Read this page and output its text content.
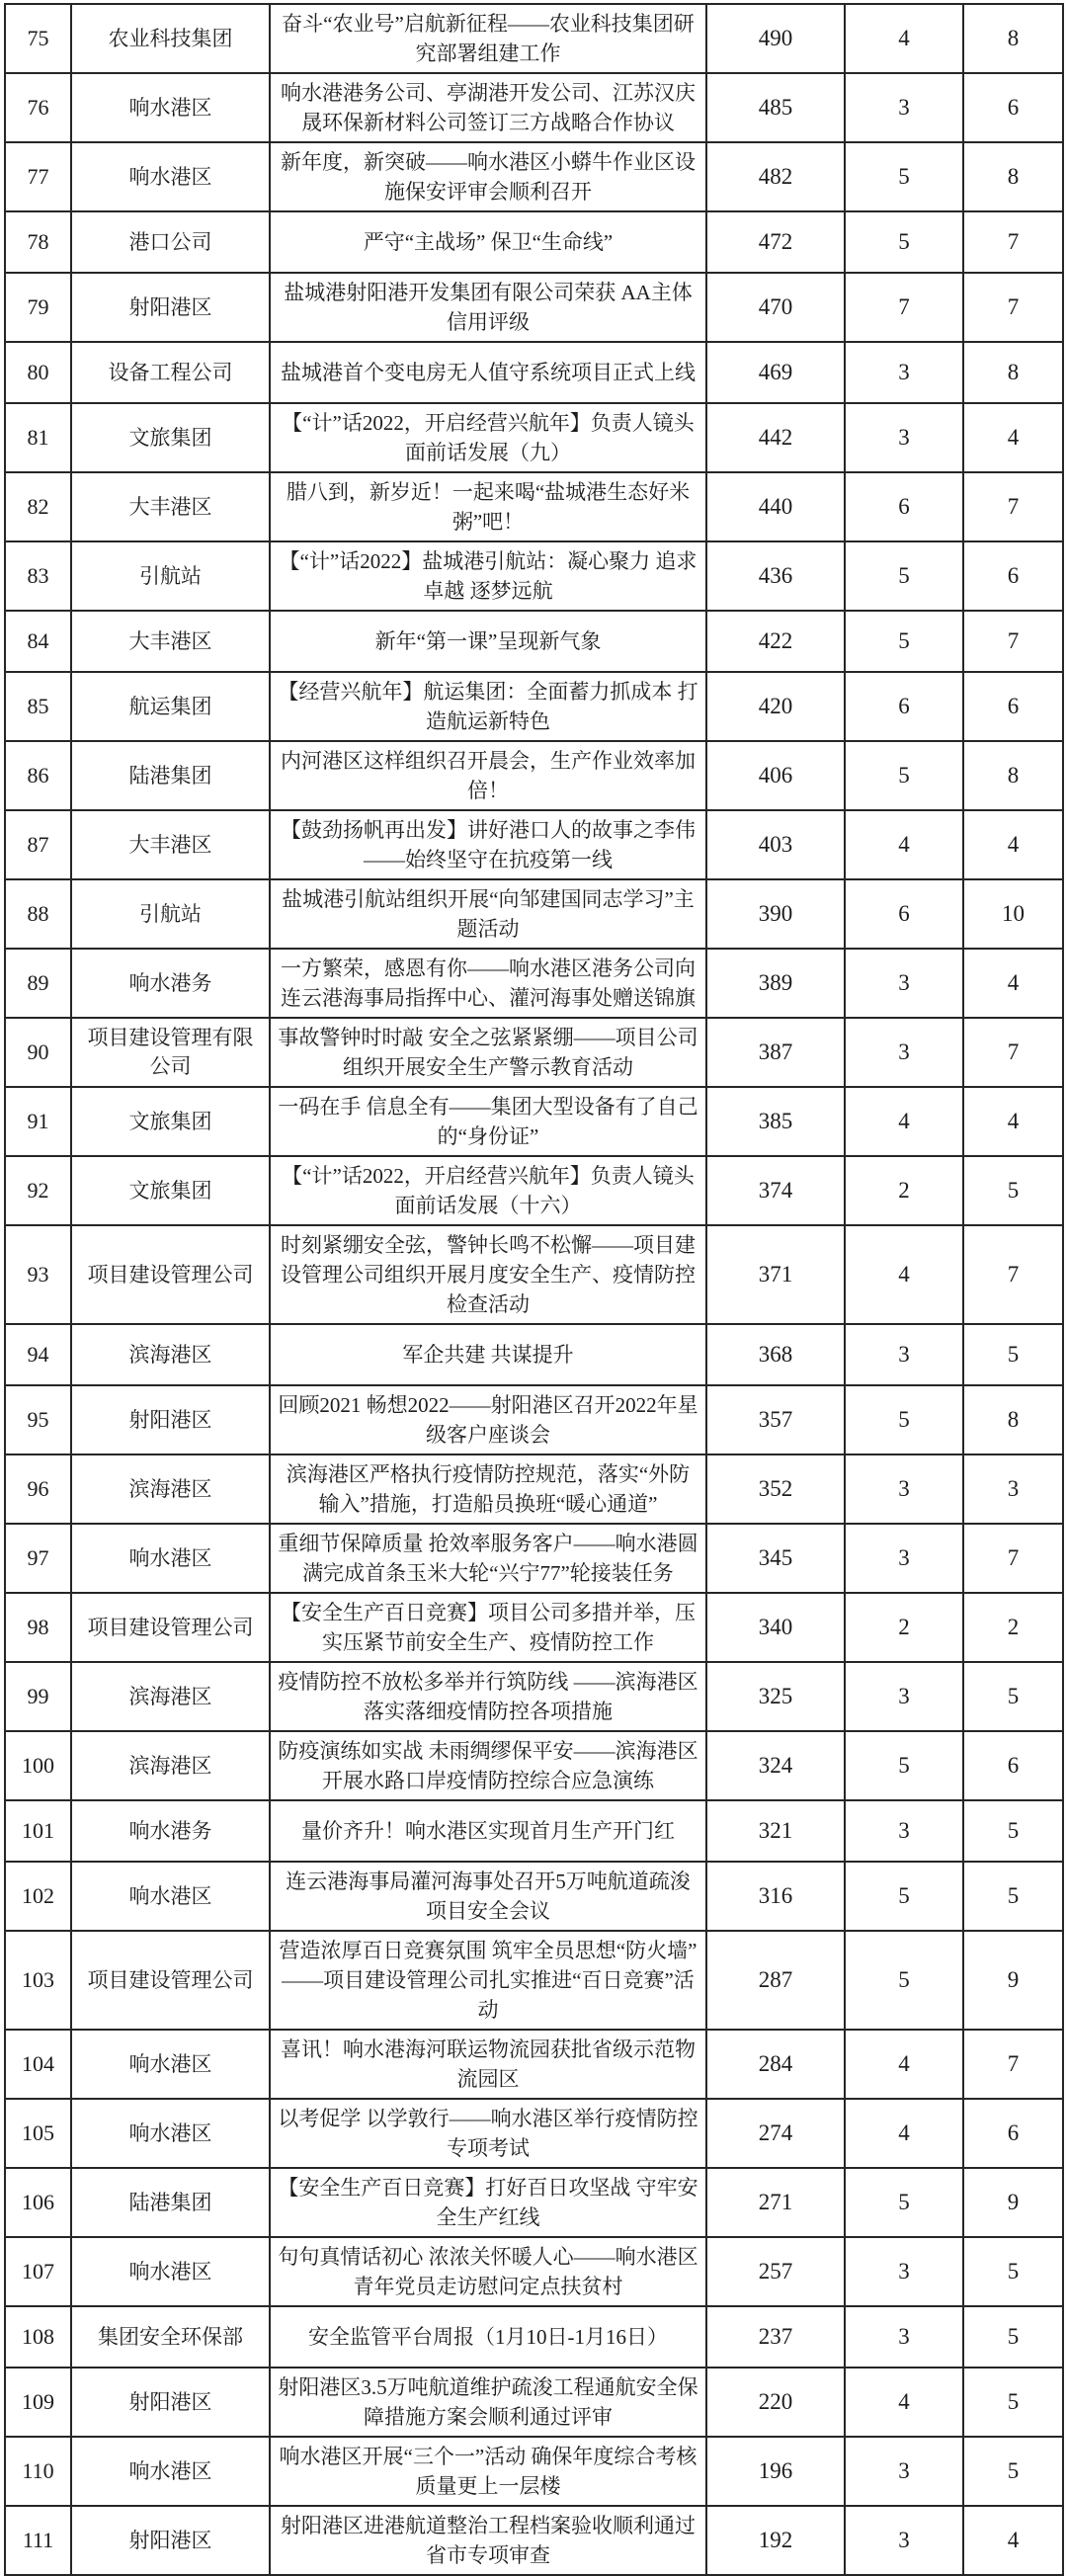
75	农业科技集团	奋斗“农业号”启航新征程——农业科技集团研究部署组建工作	490	4	8
76	响水港区	响水港港务公司、亭湖港开发公司、江苏汉庆晟环保新材料公司签订三方战略合作协议	485	3	6
77	响水港区	新年度，新突破——响水港区小蟒牛作业区设施保安评审会顺利召开	482	5	8
78	港口公司	严守“主战场” 保卫“生命线”	472	5	7
79	射阳港区	盐城港射阳港开发集团有限公司荣获 AA主体信用评级	470	7	7
80	设备工程公司	盐城港首个变电房无人值守系统项目正式上线	469	3	8
81	文旅集团	【“计”话2022，开启经营兴航年】负责人镜头面前话发展（九）	442	3	4
82	大丰港区	腊八到，新岁近！一起来喝“盐城港生态好米粥”吧！	440	6	7
83	引航站	【“计”话2022】盐城港引航站：凝心聚力 追求卓越 逐梦远航	436	5	6
84	大丰港区	新年“第一课”呈现新气象	422	5	7
85	航运集团	【经营兴航年】航运集团：全面蓄力抓成本 打造航运新特色	420	6	6
86	陆港集团	内河港区这样组织召开晨会，生产作业效率加倍！	406	5	8
87	大丰港区	【鼓劲扬帆再出发】讲好港口人的故事之李伟——始终坚守在抗疫第一线	403	4	4
88	引航站	盐城港引航站组织开展“向邹建国同志学习”主题活动	390	6	10
89	响水港务	一方繁荣，感恩有你——响水港区港务公司向连云港海事局指挥中心、灌河海事处赠送锦旗	389	3	4
90	项目建设管理有限公司	事故警钟时时敲 安全之弦紧紧绷——项目公司组织开展安全生产警示教育活动	387	3	7
91	文旅集团	一码在手 信息全有——集团大型设备有了自己的“身份证”	385	4	4
92	文旅集团	【“计”话2022，开启经营兴航年】负责人镜头面前话发展（十六）	374	2	5
93	项目建设管理公司	时刻紧绷安全弦，警钟长鸣不松懈——项目建设管理公司组织开展月度安全生产、疫情防控检查活动	371	4	7
94	滨海港区	军企共建 共谋提升	368	3	5
95	射阳港区	回顾2021 畅想2022——射阳港区召开2022年星级客户座谈会	357	5	8
96	滨海港区	滨海港区严格执行疫情防控规范，落实“外防输入”措施，打造船员换班“暖心通道”	352	3	3
97	响水港区	重细节保障质量 抢效率服务客户——响水港圆满完成首条玉米大轮“兴宁77”轮接装任务	345	3	7
98	项目建设管理公司	【安全生产百日竞赛】项目公司多措并举，压实压紧节前安全生产、疫情防控工作	340	2	2
99	滨海港区	疫情防控不放松多举并行筑防线 ——滨海港区落实落细疫情防控各项措施	325	3	5
100	滨海港区	防疫演练如实战 未雨绸缪保平安——滨海港区开展水路口岸疫情防控综合应急演练	324	5	6
101	响水港务	量价齐升！响水港区实现首月生产开门红	321	3	5
102	响水港区	连云港海事局灌河海事处召开5万吨航道疏浚项目安全会议	316	5	5
103	项目建设管理公司	营造浓厚百日竞赛氛围 筑牢全员思想“防火墙” ——项目建设管理公司扎实推进“百日竞赛”活动	287	5	9
104	响水港区	喜讯！响水港海河联运物流园获批省级示范物流园区	284	4	7
105	响水港区	以考促学 以学敦行——响水港区举行疫情防控专项考试	274	4	6
106	陆港集团	【安全生产百日竞赛】打好百日攻坚战 守牢安全生产红线	271	5	9
107	响水港区	句句真情话初心 浓浓关怀暖人心——响水港区青年党员走访慰问定点扶贫村	257	3	5
108	集团安全环保部	安全监管平台周报（1月10日-1月16日）	237	3	5
109	射阳港区	射阳港区3.5万吨航道维护疏浚工程通航安全保障措施方案会顺利通过评审	220	4	5
110	响水港区	响水港区开展“三个一”活动 确保年度综合考核质量更上一层楼	196	3	5
111	射阳港区	射阳港区进港航道整治工程档案验收顺利通过省市专项审查	192	3	4
